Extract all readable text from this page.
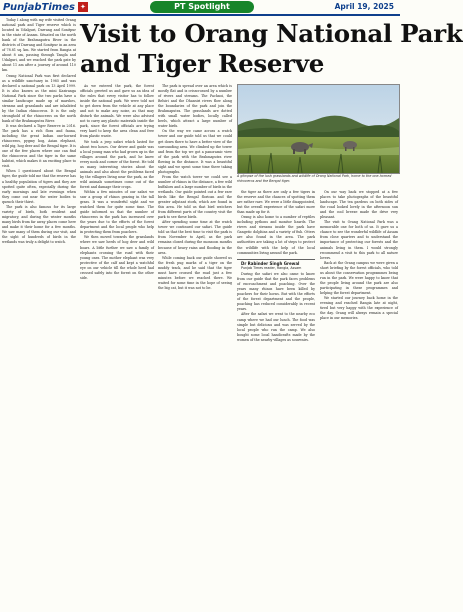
PunjabTimes ✦	PT Spotlight	April 19, 2025

Today I along with my wife visited Orang national park and Tiger reserve which is located in Udalguri, Darrang and Sonitpur in the state of Assam. Situated on the north bank of the Brahmaputra River in the districts of Darrang and Sonitpur in an area of 78.81 sq. km. We started from Rangia at about 8 am, passing through Tangla and Udalguri, and we reached the park gate by about 11 am after a journey of around 110 km.

Orang National Park was first declared as a wildlife sanctuary in 1985 and was declared a national park on 13 April 1999. It is also known as the mini Kaziranga National Park since the two parks have a similar landscape made up of marshes, streams and grasslands and are inhabited by the Indian rhinoceros. It is the only stronghold of the rhinoceros on the north bank of the Brahmaputra River.

It was declared a Tiger Reserve in 2016. The park has a rich flora and fauna, including the great Indian one-horned rhinoceros, pygmy hog, Asian elephant, wild pig, hog deer and the Bengal tiger. It is one of the few places where one can find the rhinoceros and the tiger in the same habitat, which makes it an exciting place to visit.

When I questioned about the Bengal tiger, the guide told me that the reserve has a healthy population of tigers and they are spotted quite often, especially during the early mornings and late evenings when they come out near the water bodies to quench their thirst.

The park is also famous for its large variety of birds, both resident and migratory, and during the winter months many birds from far away places come here and make it their home for a few months. We saw many of them during our visit, and the sight of hundreds of birds in the wetlands was truly a delight to watch.

Visit to Orang National Park
and Tiger Reserve

As we entered the park, the forest officials greeted us and gave us an idea of the rules that every visitor has to follow inside the national park. We were told not to get down from the vehicle at any place and not to make any noise, as that may disturb the animals. We were also advised not to carry any plastic materials inside the park, since the forest officials are trying very hard to keep the area clean and free from plastic waste.

We took a jeep safari which lasted for about two hours. Our driver and guide was a local young man who had grown up in the villages around the park, and he knew every nook and corner of the forest. He told us many interesting stories about the animals and also about the problems faced by the villagers living near the park, as the wild animals sometimes come out of the forest and damage their crops.

Within a few minutes of our safari we saw a group of rhinos grazing in the tall grass. It was a wonderful sight and we watched them for quite some time. The guide informed us that the number of rhinoceros in the park has increased over the years due to the efforts of the forest department and the local people who help in protecting them from poachers.

We then moved towards the grasslands where we saw herds of hog deer and wild boars. A little further we saw a family of elephants crossing the road with their young ones. The mother elephant was very protective of the calf and kept a watchful eye on our vehicle till the whole herd had crossed safely into the forest on the other side.

The park is spread over an area which is mostly flat and is crisscrossed by a number of rivers and streams. The Pachnoi, the Belsiri and the Dhansiri rivers flow along the boundaries of the park and join the Brahmaputra. The grasslands are dotted with small water bodies, locally called beels, which attract a large number of water birds.

On the way we came across a watch tower and our guide told us that we could get down there to have a better view of the surrounding area. We climbed up the tower and from the top we got a panoramic view of the park with the Brahmaputra river flowing in the distance. It was a beautiful sight and we spent some time there taking photographs.

From the watch tower we could see a number of rhinos in the distance, a few wild buffaloes and a large number of birds in the wetlands. Our guide pointed out a few rare birds like the Bengal florican and the greater adjutant stork, which are found in this area. He told us that bird watchers from different parts of the country visit the park to see these birds.

After spending some time at the watch tower we continued our safari. The guide told us that the best time to visit the park is from November to April, as the park remains closed during the monsoon months because of heavy rains and flooding in the area.

While coming back our guide showed us the fresh pug marks of a tiger on the muddy track, and he said that the tiger must have crossed the road just a few minutes before we reached there. We waited for some time in the hope of seeing the big cat, but it was not to be.

A glimpse of the lush grasslands and wildlife of Orang National Park, home to the one-horned rhinoceros and the Bengal tiger.

the tiger as there are only a few tigers in the reserve and the chances of spotting them are rather rare. We were a little disappointed, but the overall experience of the safari more than made up for it.

Orang is also home to a number of reptiles including pythons and monitor lizards. The rivers and streams inside the park have Gangetic dolphins and a variety of fish. Otters are also found in the area. The park authorities are taking a lot of steps to protect the wildlife with the help of the local communities living around the park.

Dr Rabinder Singh Grewal

Punjab Times reader, Rangia, Assam

During the safari we also came to know from our guide that the park faces problems of encroachment and poaching. Over the years many rhinos have been killed by poachers for their horns. But with the efforts of the forest department and the people, poaching has reduced considerably in recent years.

After the safari we went to the nearby eco camp where we had our lunch. The food was simple but delicious and was served by the local people who run the camp. We also bought some local handicrafts made by the women of the nearby villages as souvenirs.

On our way back we stopped at a few places to take photographs of the beautiful landscape. The tea gardens on both sides of the road looked lovely in the afternoon sun and the cool breeze made the drive very pleasant.

The visit to Orang National Park was a memorable one for both of us. It gave us a chance to see the wonderful wildlife of Assam from close quarters and to understand the importance of protecting our forests and the animals living in them. I would strongly recommend a visit to this park to all nature lovers.

Back at the Orang campus we were given a short briefing by the forest officials, who told us about the conservation programmes being run in the park. We were happy to know that the people living around the park are also participating in these programmes and helping the forest department.

We started our journey back home in the evening and reached Rangia late at night, tired but very happy with the experience of the day. Orang will always remain a special place in our memories.
